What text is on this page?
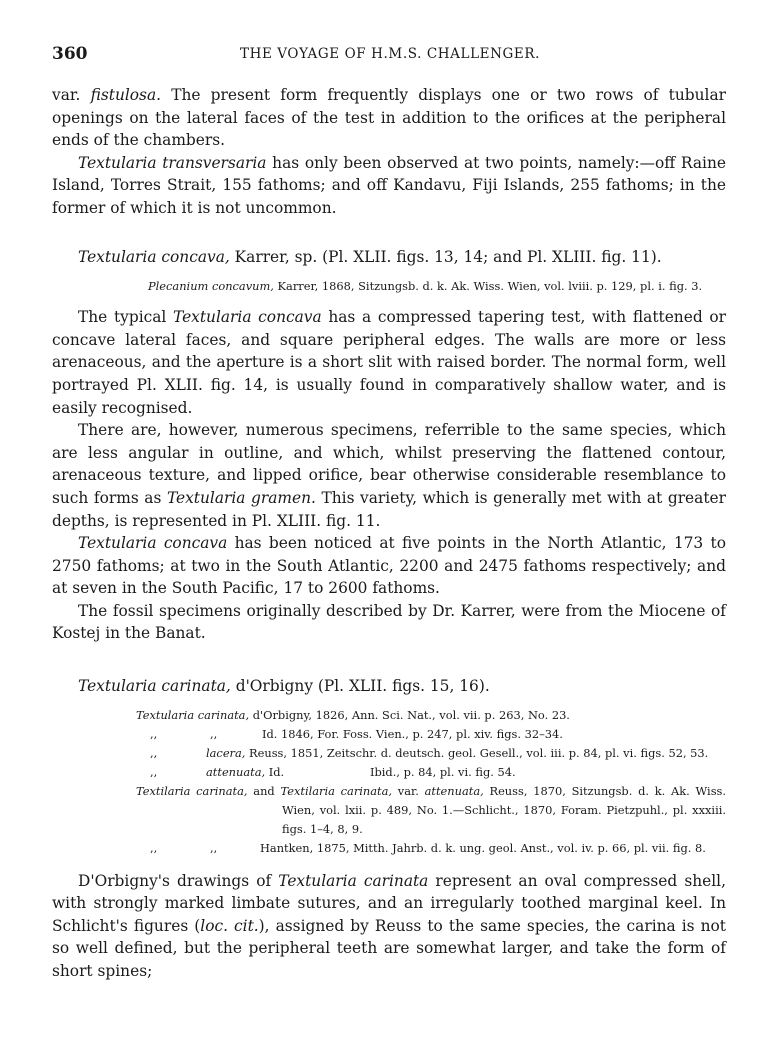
360	THE VOYAGE OF H.M.S. CHALLENGER.

var. fistulosa. The present form frequently displays one or two rows of tubular openings on the lateral faces of the test in addition to the orifices at the peripheral ends of the chambers.

Textularia transversaria has only been observed at two points, namely:—off Raine Island, Torres Strait, 155 fathoms; and off Kandavu, Fiji Islands, 255 fathoms; in the former of which it is not uncommon.

Textularia concava, Karrer, sp. (Pl. XLII. figs. 13, 14; and Pl. XLIII. fig. 11).

Plecanium concavum, Karrer, 1868, Sitzungsb. d. k. Ak. Wiss. Wien, vol. lviii. p. 129, pl. i. fig. 3.

The typical Textularia concava has a compressed tapering test, with flattened or concave lateral faces, and square peripheral edges. The walls are more or less arenaceous, and the aperture is a short slit with raised border. The normal form, well portrayed Pl. XLII. fig. 14, is usually found in comparatively shallow water, and is easily recognised.

There are, however, numerous specimens, referrible to the same species, which are less angular in outline, and which, whilst preserving the flattened contour, arenaceous texture, and lipped orifice, bear otherwise considerable resemblance to such forms as Textularia gramen. This variety, which is generally met with at greater depths, is represented in Pl. XLIII. fig. 11.

Textularia concava has been noticed at five points in the North Atlantic, 173 to 2750 fathoms; at two in the South Atlantic, 2200 and 2475 fathoms respectively; and at seven in the South Pacific, 17 to 2600 fathoms.

The fossil specimens originally described by Dr. Karrer, were from the Miocene of Kostej in the Banat.

Textularia carinata, d'Orbigny (Pl. XLII. figs. 15, 16).

Textularia carinata, d'Orbigny, 1826, Ann. Sci. Nat., vol. vii. p. 263, No. 23.

,,	,,	Id. 1846, For. Foss. Vien., p. 247, pl. xiv. figs. 32–34.
,,	lacera, Reuss, 1851, Zeitschr. d. deutsch. geol. Gesell., vol. iii. p. 84, pl. vi. figs. 52, 53.
,,	attenuata, Id.	Ibid., p. 84, pl. vi. fig. 54.

Textilaria carinata, and Textilaria carinata, var. attenuata, Reuss, 1870, Sitzungsb. d. k. Ak. Wiss. Wien, vol. lxii. p. 489, No. 1.—Schlicht., 1870, Foram. Pietzpuhl., pl. xxxiii. figs. 1–4, 8, 9.

,,	,,	Hantken, 1875, Mitth. Jahrb. d. k. ung. geol. Anst., vol. iv. p. 66, pl. vii. fig. 8.

D'Orbigny's drawings of Textularia carinata represent an oval compressed shell, with strongly marked limbate sutures, and an irregularly toothed marginal keel. In Schlicht's figures (loc. cit.), assigned by Reuss to the same species, the carina is not so well defined, but the peripheral teeth are somewhat larger, and take the form of short spines;
